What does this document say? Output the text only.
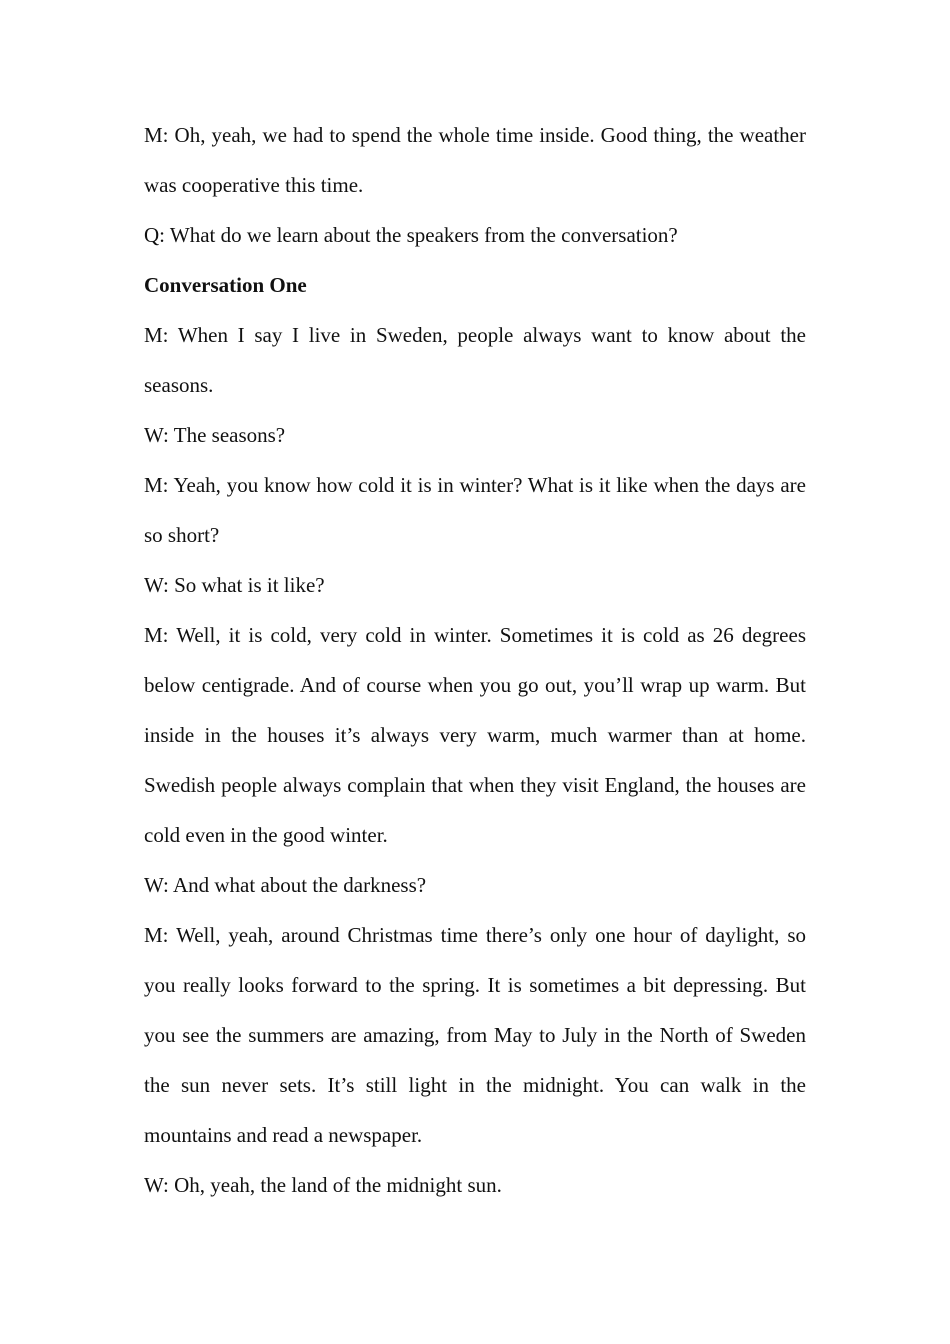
M: Oh, yeah, we had to spend the whole time inside. Good thing, the weather was cooperative this time.

Q: What do we learn about the speakers from the conversation?

Conversation One

M: When I say I live in Sweden, people always want to know about the seasons.

W: The seasons?

M: Yeah, you know how cold it is in winter? What is it like when the days are so short?

W: So what is it like?

M: Well, it is cold, very cold in winter. Sometimes it is cold as 26 degrees below centigrade. And of course when you go out, you’ll wrap up warm. But inside in the houses it’s always very warm, much warmer than at home. Swedish people always complain that when they visit England, the houses are cold even in the good winter.

W: And what about the darkness?

M: Well, yeah, around Christmas time there’s only one hour of daylight, so you really looks forward to the spring. It is sometimes a bit depressing. But you see the summers are amazing, from May to July in the North of Sweden the sun never sets. It’s still light in the midnight. You can walk in the mountains and read a newspaper.

W: Oh, yeah, the land of the midnight sun.
